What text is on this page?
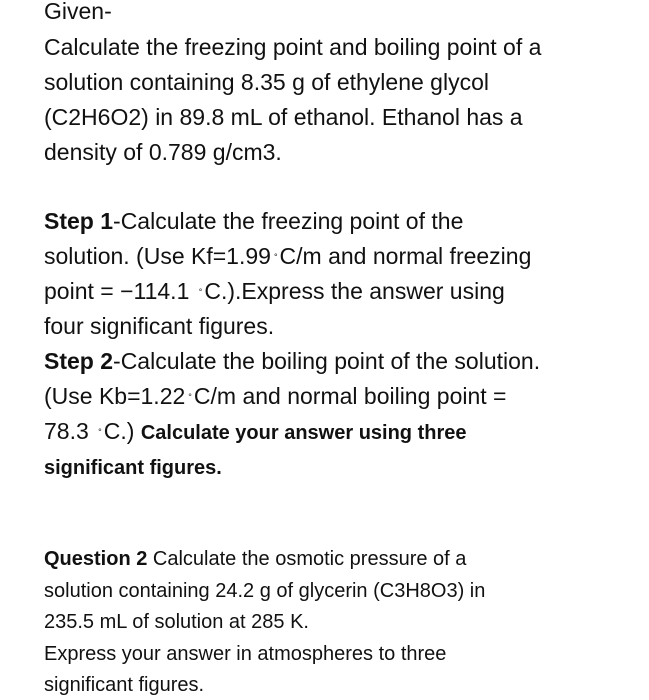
Given-
Calculate the freezing point and boiling point of a
solution containing 8.35 g of ethylene glycol
(C2H6O2) in 89.8 mL of ethanol. Ethanol has a
density of 0.789 g/cm3.
Step 1-Calculate the freezing point of the
solution. (Use Kf=1.99 °C/m and normal freezing
point = −114.1 °C.).Express the answer using
four significant figures.
Step 2-Calculate the boiling point of the solution.
(Use Kb=1.22 °C/m and normal boiling point =
78.3 °C.) Calculate your answer using three
significant figures.
Question 2 Calculate the osmotic pressure of a
solution containing 24.2 g of glycerin (C3H8O3) in
235.5 mL of solution at 285 K.
Express your answer in atmospheres to three
significant figures.
